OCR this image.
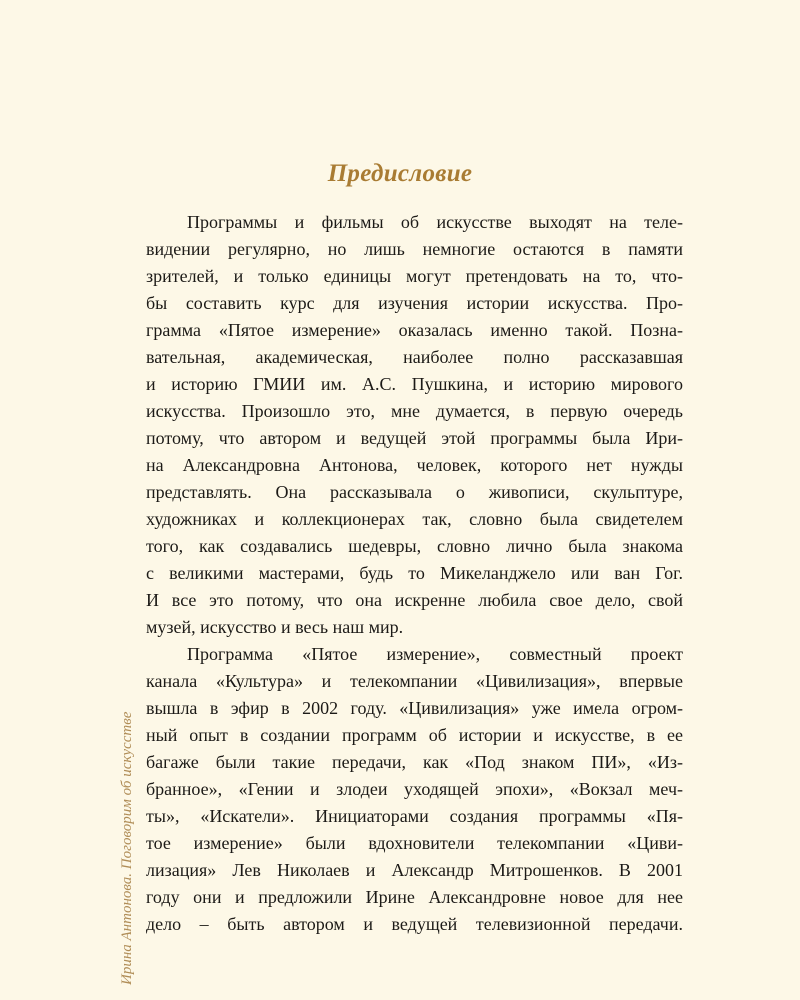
Предисловие
Программы и фильмы об искусстве выходят на теле-
видении регулярно, но лишь немногие остаются в памяти
зрителей, и только единицы могут претендовать на то, что-
бы составить курс для изучения истории искусства. Про-
грамма «Пятое измерение» оказалась именно такой. Позна-
вательная, академическая, наиболее полно рассказавшая
и историю ГМИИ им. А.С. Пушкина, и историю мирового
искусства. Произошло это, мне думается, в первую очередь
потому, что автором и ведущей этой программы была Ири-
на Александровна Антонова, человек, которого нет нужды
представлять. Она рассказывала о живописи, скульптуре,
художниках и коллекционерах так, словно была свидетелем
того, как создавались шедевры, словно лично была знакома
с великими мастерами, будь то Микеланджело или ван Гог.
И все это потому, что она искренне любила свое дело, свой
музей, искусство и весь наш мир.
Программа «Пятое измерение», совместный проект
канала «Культура» и телекомпании «Цивилизация», впервые
вышла в эфир в 2002 году. «Цивилизация» уже имела огром-
ный опыт в создании программ об истории и искусстве, в ее
багаже были такие передачи, как «Под знаком ПИ», «Из-
бранное», «Гении и злодеи уходящей эпохи», «Вокзал меч-
ты», «Искатели». Инициаторами создания программы «Пя-
тое измерение» были вдохновители телекомпании «Циви-
лизация» Лев Николаев и Александр Митрошенков. В 2001
году они и предложили Ирине Александровне новое для нее
дело – быть автором и ведущей телевизионной передачи.
Ирина Антонова. Поговорим об искусстве
